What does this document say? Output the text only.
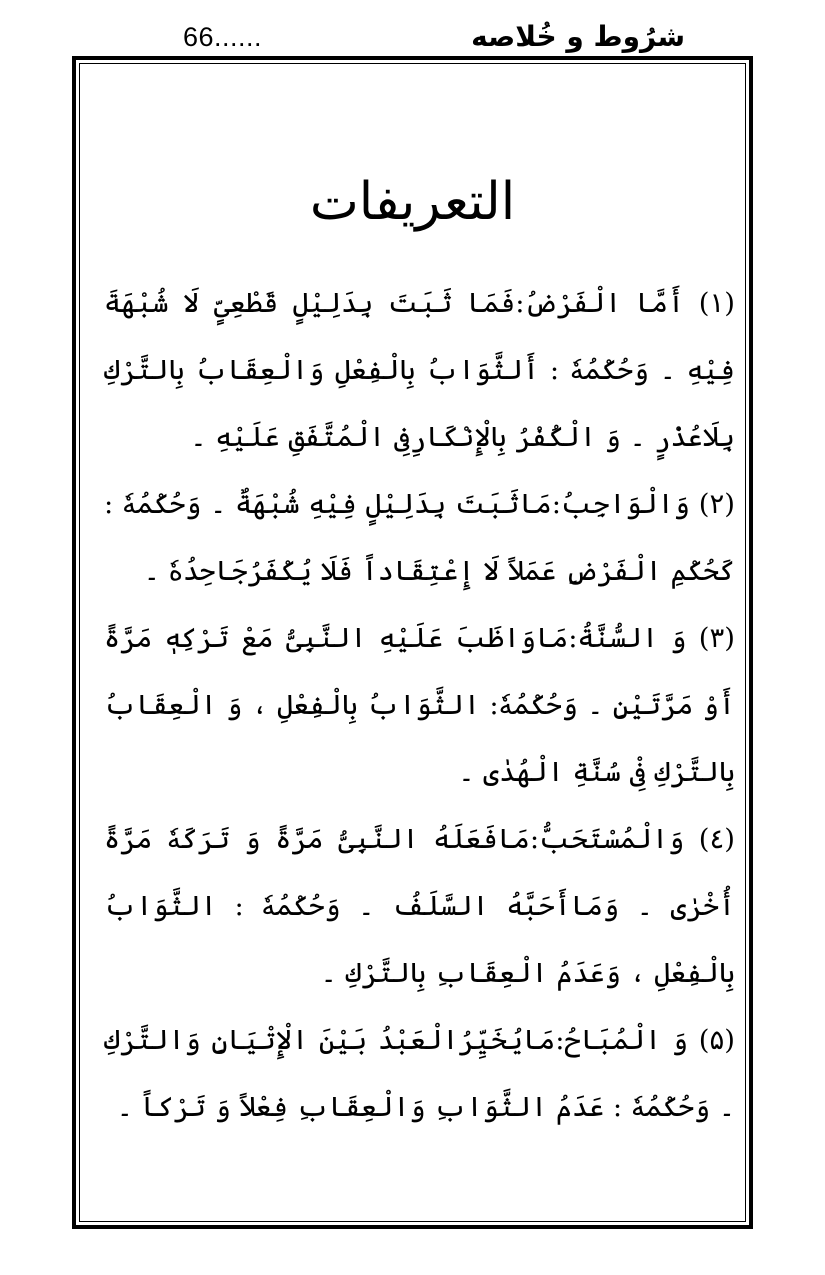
66......	شرُوط و خُلاصه
التعریفات

(۱) أَمَّا الْفَرْضُ:فَمَا ثَبَتَ بِدَلِیْلٍ قَطْعِیٍّ لَا شُبْهَةَ فِیْهِ ۔ وَحُکْمُهٗ : أَلثَّوَابُ بِالْفِعْلِ وَالْعِقَابُ بِالتَّرْكِ بِلَاعُذْرٍ ۔ وَ الْکُفْرُ بِالْإِنْکَارِفِی الْمُتَّفَقِ عَلَیْهِ ۔

(۲) وَالْوَاجِبُ:مَاثَبَتَ بِدَلِیْلٍ فِیْهِ شُبْهَةٌ ۔ وَحُکْمُهٗ : کَحُکْمِ الْفَرْضِ عَمَلاً لَا إِعْتِقَاداً فَلَا یُکْفَرُجَاحِدُهٗ ۔

(۳) وَ السُّنَّةُ:مَاوَاظَبَ عَلَیْهِ النَّبِیُّ مَعْ تَرْکِهٖ مَرَّةً أَوْ مَرَّتَیْنِ ۔ وَحُکْمُهٗ: الثَّوَابُ بِالْفِعْلِ ، وَ الْعِقَابُ بِالتَّرْكِ فِیْ سُنَّةِ الْهُدٰی ۔

(٤) وَالْمُسْتَحَبُّ:مَافَعَلَهُ النَّبِیُّ مَرَّةً وَ تَرَکَهٗ مَرَّةً أُخْرٰی ۔ وَمَاأَحَبَّهُ السَّلَفُ ۔ وَحُکْمُهٗ : الثَّوَابُ بِالْفِعْلِ ، وَعَدَمُ الْعِقَابِ بِالتَّرْكِ ۔

(۵) وَ الْمُبَاحُ:مَایُخَیِّرُالْعَبْدُ بَیْنَ الْإِتْیَانِ وَالتَّرْكِ ۔ وَحُکْمُهٗ : عَدَمُ الثَّوَابِ وَالْعِقَابِ فِعْلاً وَ تَرْکاً ۔
